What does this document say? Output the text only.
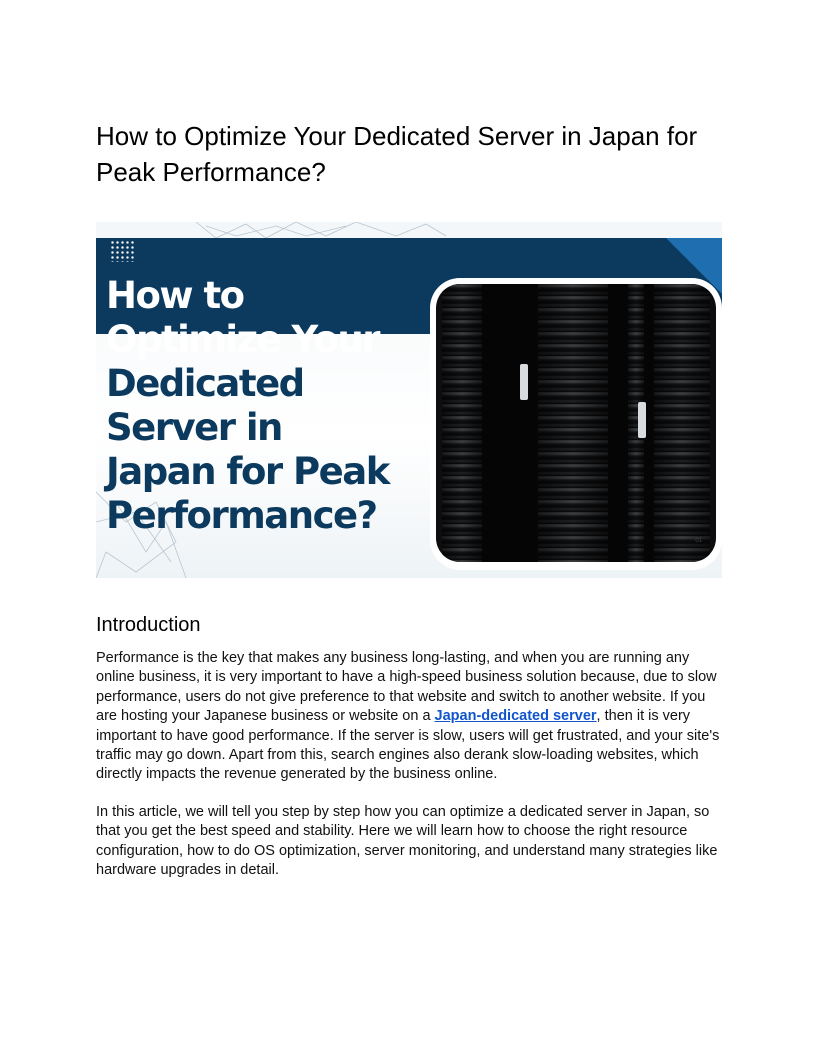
How to Optimize Your Dedicated Server in Japan for Peak Performance?
How to
Optimize Your
Dedicated
Server in
Japan for Peak
Performance?
01
Introduction

Performance is the key that makes any business long-lasting, and when you are running any online business, it is very important to have a high-speed business solution because, due to slow performance, users do not give preference to that website and switch to another website. If you are hosting your Japanese business or website on a Japan-dedicated server, then it is very important to have good performance. If the server is slow, users will get frustrated, and your site's traffic may go down. Apart from this, search engines also derank slow-loading websites, which directly impacts the revenue generated by the business online.

In this article, we will tell you step by step how you can optimize a dedicated server in Japan, so that you get the best speed and stability. Here we will learn how to choose the right resource configuration, how to do OS optimization, server monitoring, and understand many strategies like hardware upgrades in detail.
